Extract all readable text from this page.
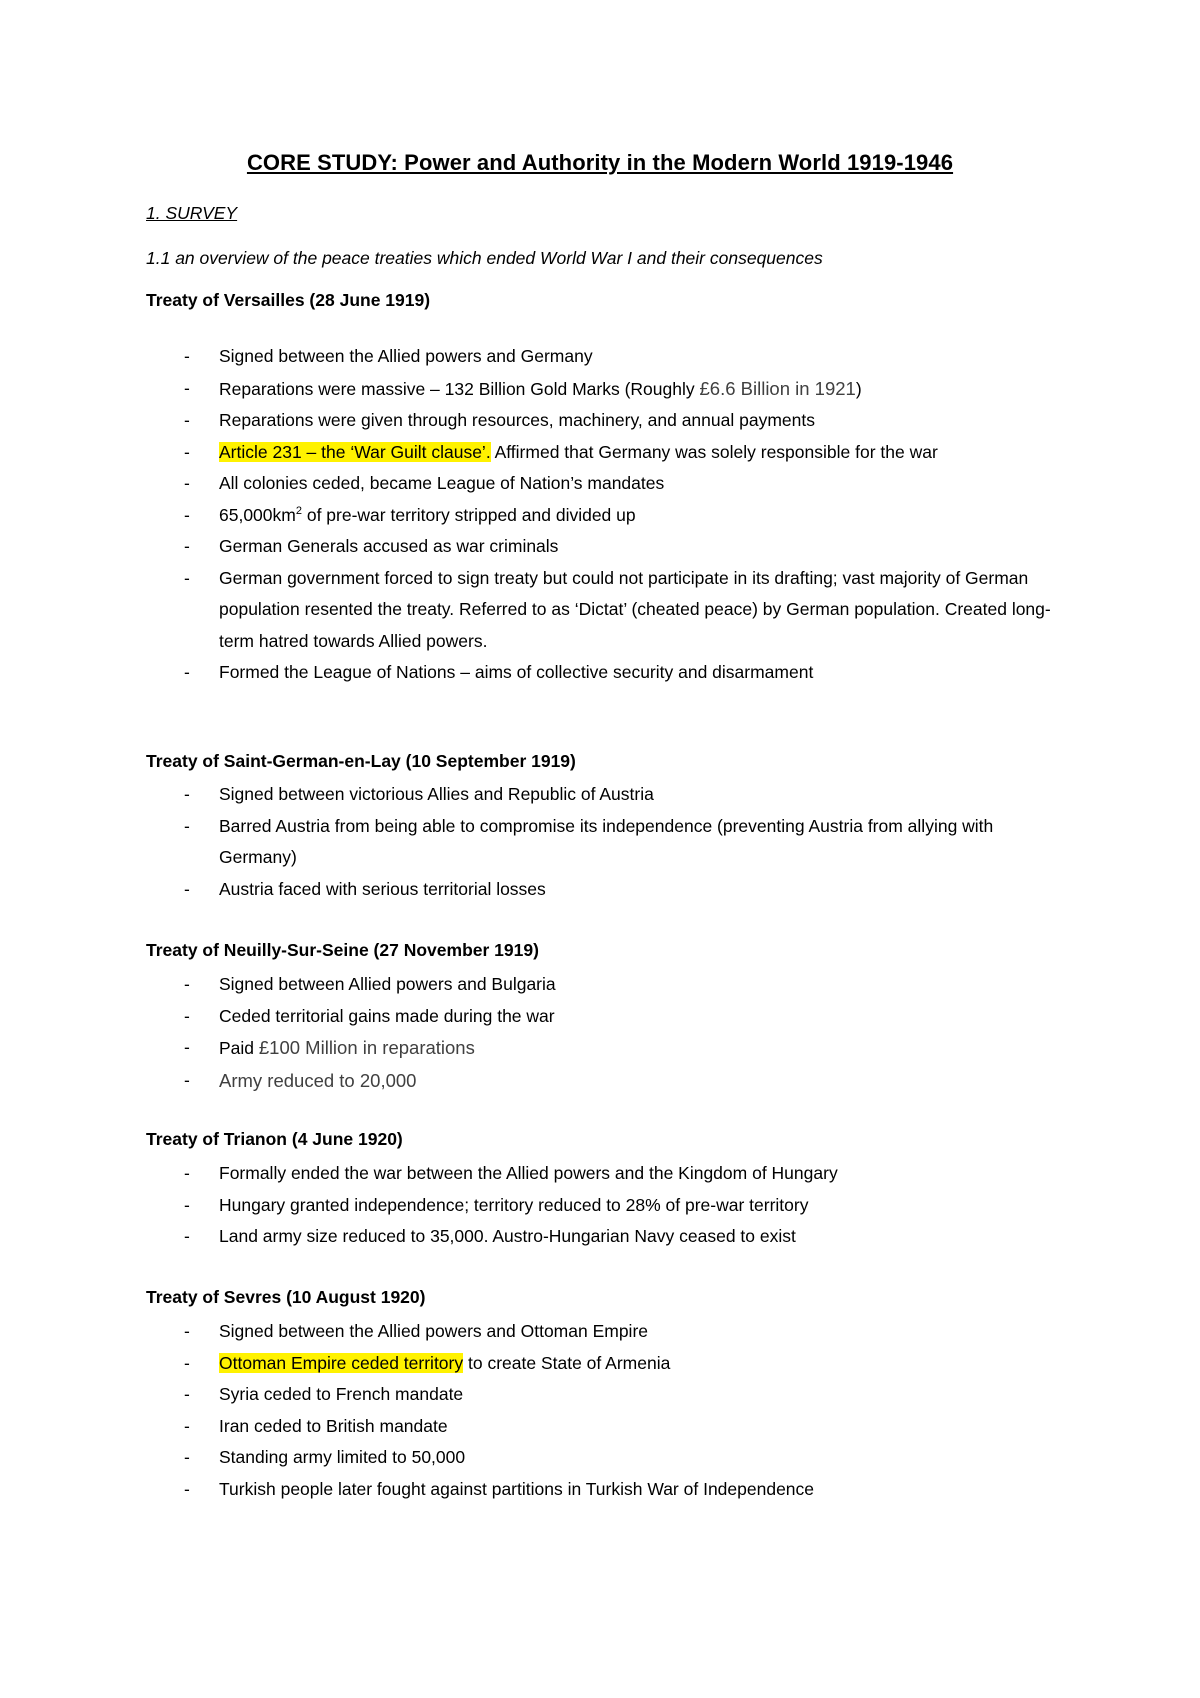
CORE STUDY: Power and Authority in the Modern World 1919-1946
1. SURVEY
1.1 an overview of the peace treaties which ended World War I and their consequences
Treaty of Versailles (28 June 1919)
- Signed between the Allied powers and Germany
- Reparations were massive – 132 Billion Gold Marks (Roughly £6.6 Billion in 1921)
- Reparations were given through resources, machinery, and annual payments
- Article 231 – the ‘War Guilt clause’. Affirmed that Germany was solely responsible for the war
- All colonies ceded, became League of Nation’s mandates
- $65,000km^2$ of pre-war territory stripped and divided up
- German Generals accused as war criminals
- German government forced to sign treaty but could not participate in its drafting; vast majority of German population resented the treaty. Referred to as ‘Dictat’ (cheated peace) by German population. Created long-term hatred towards Allied powers.
- Formed the League of Nations – aims of collective security and disarmament
Treaty of Saint-German-en-Lay (10 September 1919)
- Signed between victorious Allies and Republic of Austria
- Barred Austria from being able to compromise its independence (preventing Austria from allying with Germany)
- Austria faced with serious territorial losses
Treaty of Neuilly-Sur-Seine (27 November 1919)
- Signed between Allied powers and Bulgaria
- Ceded territorial gains made during the war
- Paid £100 Million in reparations
- Army reduced to 20,000
Treaty of Trianon (4 June 1920)
- Formally ended the war between the Allied powers and the Kingdom of Hungary
- Hungary granted independence; territory reduced to 28% of pre-war territory
- Land army size reduced to 35,000. Austro-Hungarian Navy ceased to exist
Treaty of Sevres (10 August 1920)
- Signed between the Allied powers and Ottoman Empire
- Ottoman Empire ceded territory to create State of Armenia
- Syria ceded to French mandate
- Iran ceded to British mandate
- Standing army limited to 50,000
- Turkish people later fought against partitions in Turkish War of Independence
